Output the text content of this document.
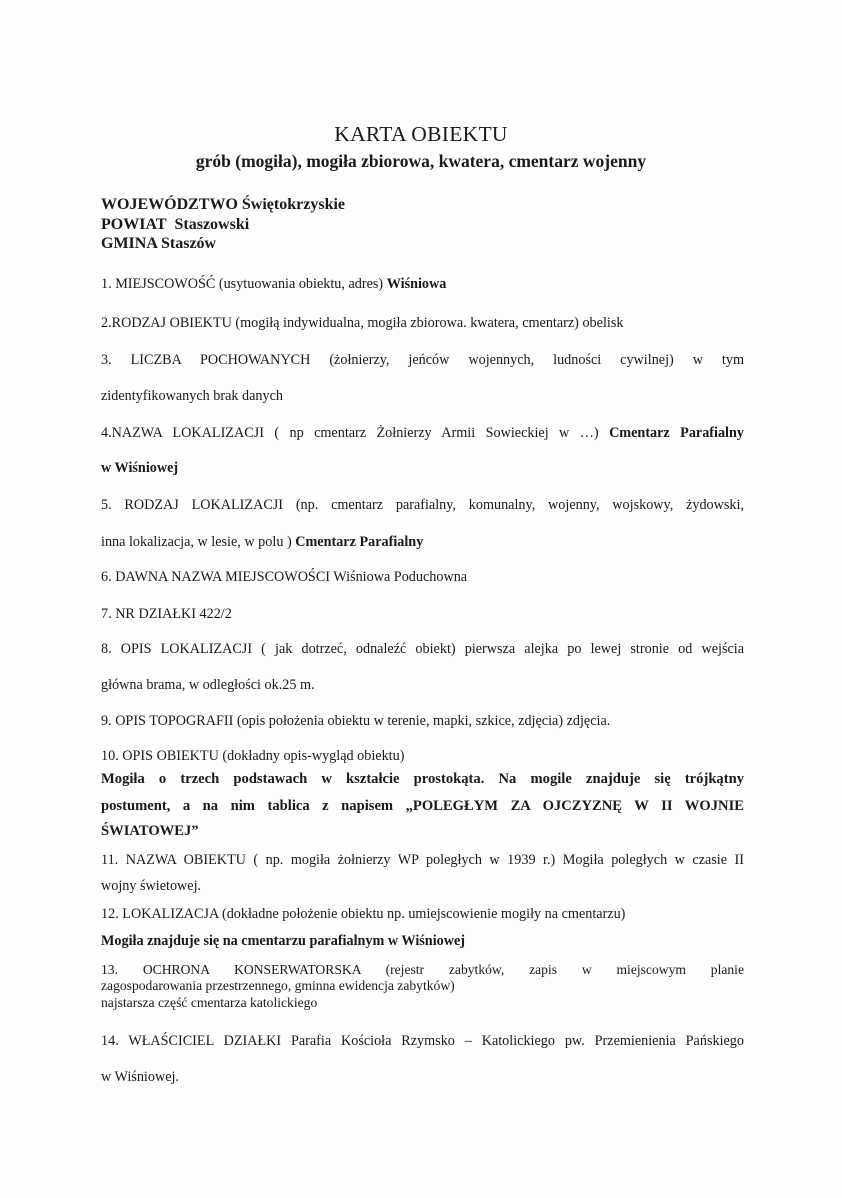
KARTA OBIEKTU
grób (mogiła), mogiła zbiorowa, kwatera, cmentarz wojenny
WOJEWÓDZTWO Świętokrzyskie
POWIAT Staszowski
GMINA Staszów
1. MIEJSCOWOŚĆ (usytuowania obiektu, adres) Wiśniowa
2.RODZAJ OBIEKTU (mogiłą indywidualna, mogiła zbiorowa. kwatera, cmentarz) obelisk
3. LICZBA POCHOWANYCH (żołnierzy, jeńców wojennych, ludności cywilnej) w tym
zidentyfikowanych brak danych
4.NAZWA LOKALIZACJI ( np cmentarz Żołnierzy Armii Sowieckiej w …) Cmentarz Parafialny
w Wiśniowej
5. RODZAJ LOKALIZACJI (np. cmentarz parafialny, komunalny, wojenny, wojskowy, żydowski,
inna lokalizacja, w lesie, w polu ) Cmentarz Parafialny
6. DAWNA NAZWA MIEJSCOWOŚCI Wiśniowa Poduchowna
7. NR DZIAŁKI 422/2
8. OPIS LOKALIZACJI ( jak dotrzeć, odnaleźć obiekt) pierwsza alejka po lewej stronie od wejścia
główna brama, w odległości ok.25 m.
9. OPIS TOPOGRAFII (opis położenia obiektu w terenie, mapki, szkice, zdjęcia) zdjęcia.
10. OPIS OBIEKTU (dokładny opis-wygląd obiektu)
Mogiła o trzech podstawach w kształcie prostokąta. Na mogile znajduje się trójkątny
postument, a na nim tablica z napisem „POLEGŁYM ZA OJCZYZNĘ W II WOJNIE
ŚWIATOWEJ”
11. NAZWA OBIEKTU ( np. mogiła żołnierzy WP poległych w 1939 r.) Mogiła poległych w czasie II
wojny świetowej.
12. LOKALIZACJA (dokładne położenie obiektu np. umiejscowienie mogiły na cmentarzu)
Mogiła znajduje się na cmentarzu parafialnym w Wiśniowej
13. OCHRONA KONSERWATORSKA (rejestr zabytków, zapis w miejscowym planie
zagospodarowania przestrzennego, gminna ewidencja zabytków)
najstarsza część cmentarza katolickiego
14. WŁAŚCICIEL DZIAŁKI Parafia Kościoła Rzymsko – Katolickiego pw. Przemienienia Pańskiego
w Wiśniowej.
